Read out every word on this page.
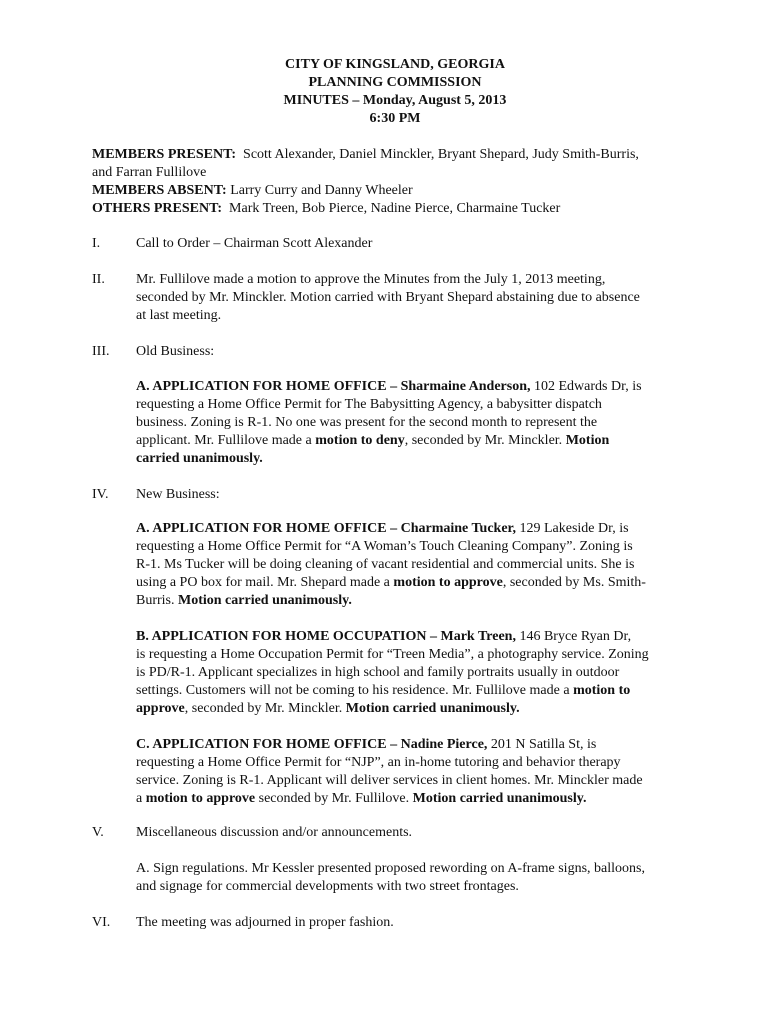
CITY OF KINGSLAND, GEORGIA
PLANNING COMMISSION
MINUTES – Monday, August 5, 2013
6:30 PM
MEMBERS PRESENT: Scott Alexander, Daniel Minckler, Bryant Shepard, Judy Smith-Burris,
and Farran Fullilove
MEMBERS ABSENT: Larry Curry and Danny Wheeler
OTHERS PRESENT: Mark Treen, Bob Pierce, Nadine Pierce, Charmaine Tucker
I.	Call to Order – Chairman Scott Alexander
II.	Mr. Fullilove made a motion to approve the Minutes from the July 1, 2013 meeting,
seconded by Mr. Minckler. Motion carried with Bryant Shepard abstaining due to absence
at last meeting.
III.	Old Business:
A. APPLICATION FOR HOME OFFICE – Sharmaine Anderson, 102 Edwards Dr, is
requesting a Home Office Permit for The Babysitting Agency, a babysitter dispatch
business. Zoning is R-1. No one was present for the second month to represent the
applicant. Mr. Fullilove made a motion to deny, seconded by Mr. Minckler. Motion
carried unanimously.
IV.	New Business:
A. APPLICATION FOR HOME OFFICE – Charmaine Tucker, 129 Lakeside Dr, is
requesting a Home Office Permit for “A Woman’s Touch Cleaning Company”. Zoning is
R-1. Ms Tucker will be doing cleaning of vacant residential and commercial units. She is
using a PO box for mail. Mr. Shepard made a motion to approve, seconded by Ms. Smith-
Burris. Motion carried unanimously.
B. APPLICATION FOR HOME OCCUPATION – Mark Treen, 146 Bryce Ryan Dr,
is requesting a Home Occupation Permit for “Treen Media”, a photography service. Zoning
is PD/R-1. Applicant specializes in high school and family portraits usually in outdoor
settings. Customers will not be coming to his residence. Mr. Fullilove made a motion to
approve, seconded by Mr. Minckler. Motion carried unanimously.
C. APPLICATION FOR HOME OFFICE – Nadine Pierce, 201 N Satilla St, is
requesting a Home Office Permit for “NJP”, an in-home tutoring and behavior therapy
service. Zoning is R-1. Applicant will deliver services in client homes. Mr. Minckler made
a motion to approve seconded by Mr. Fullilove. Motion carried unanimously.
V.	Miscellaneous discussion and/or announcements.
A. Sign regulations. Mr Kessler presented proposed rewording on A-frame signs, balloons,
and signage for commercial developments with two street frontages.
VI.	The meeting was adjourned in proper fashion.
